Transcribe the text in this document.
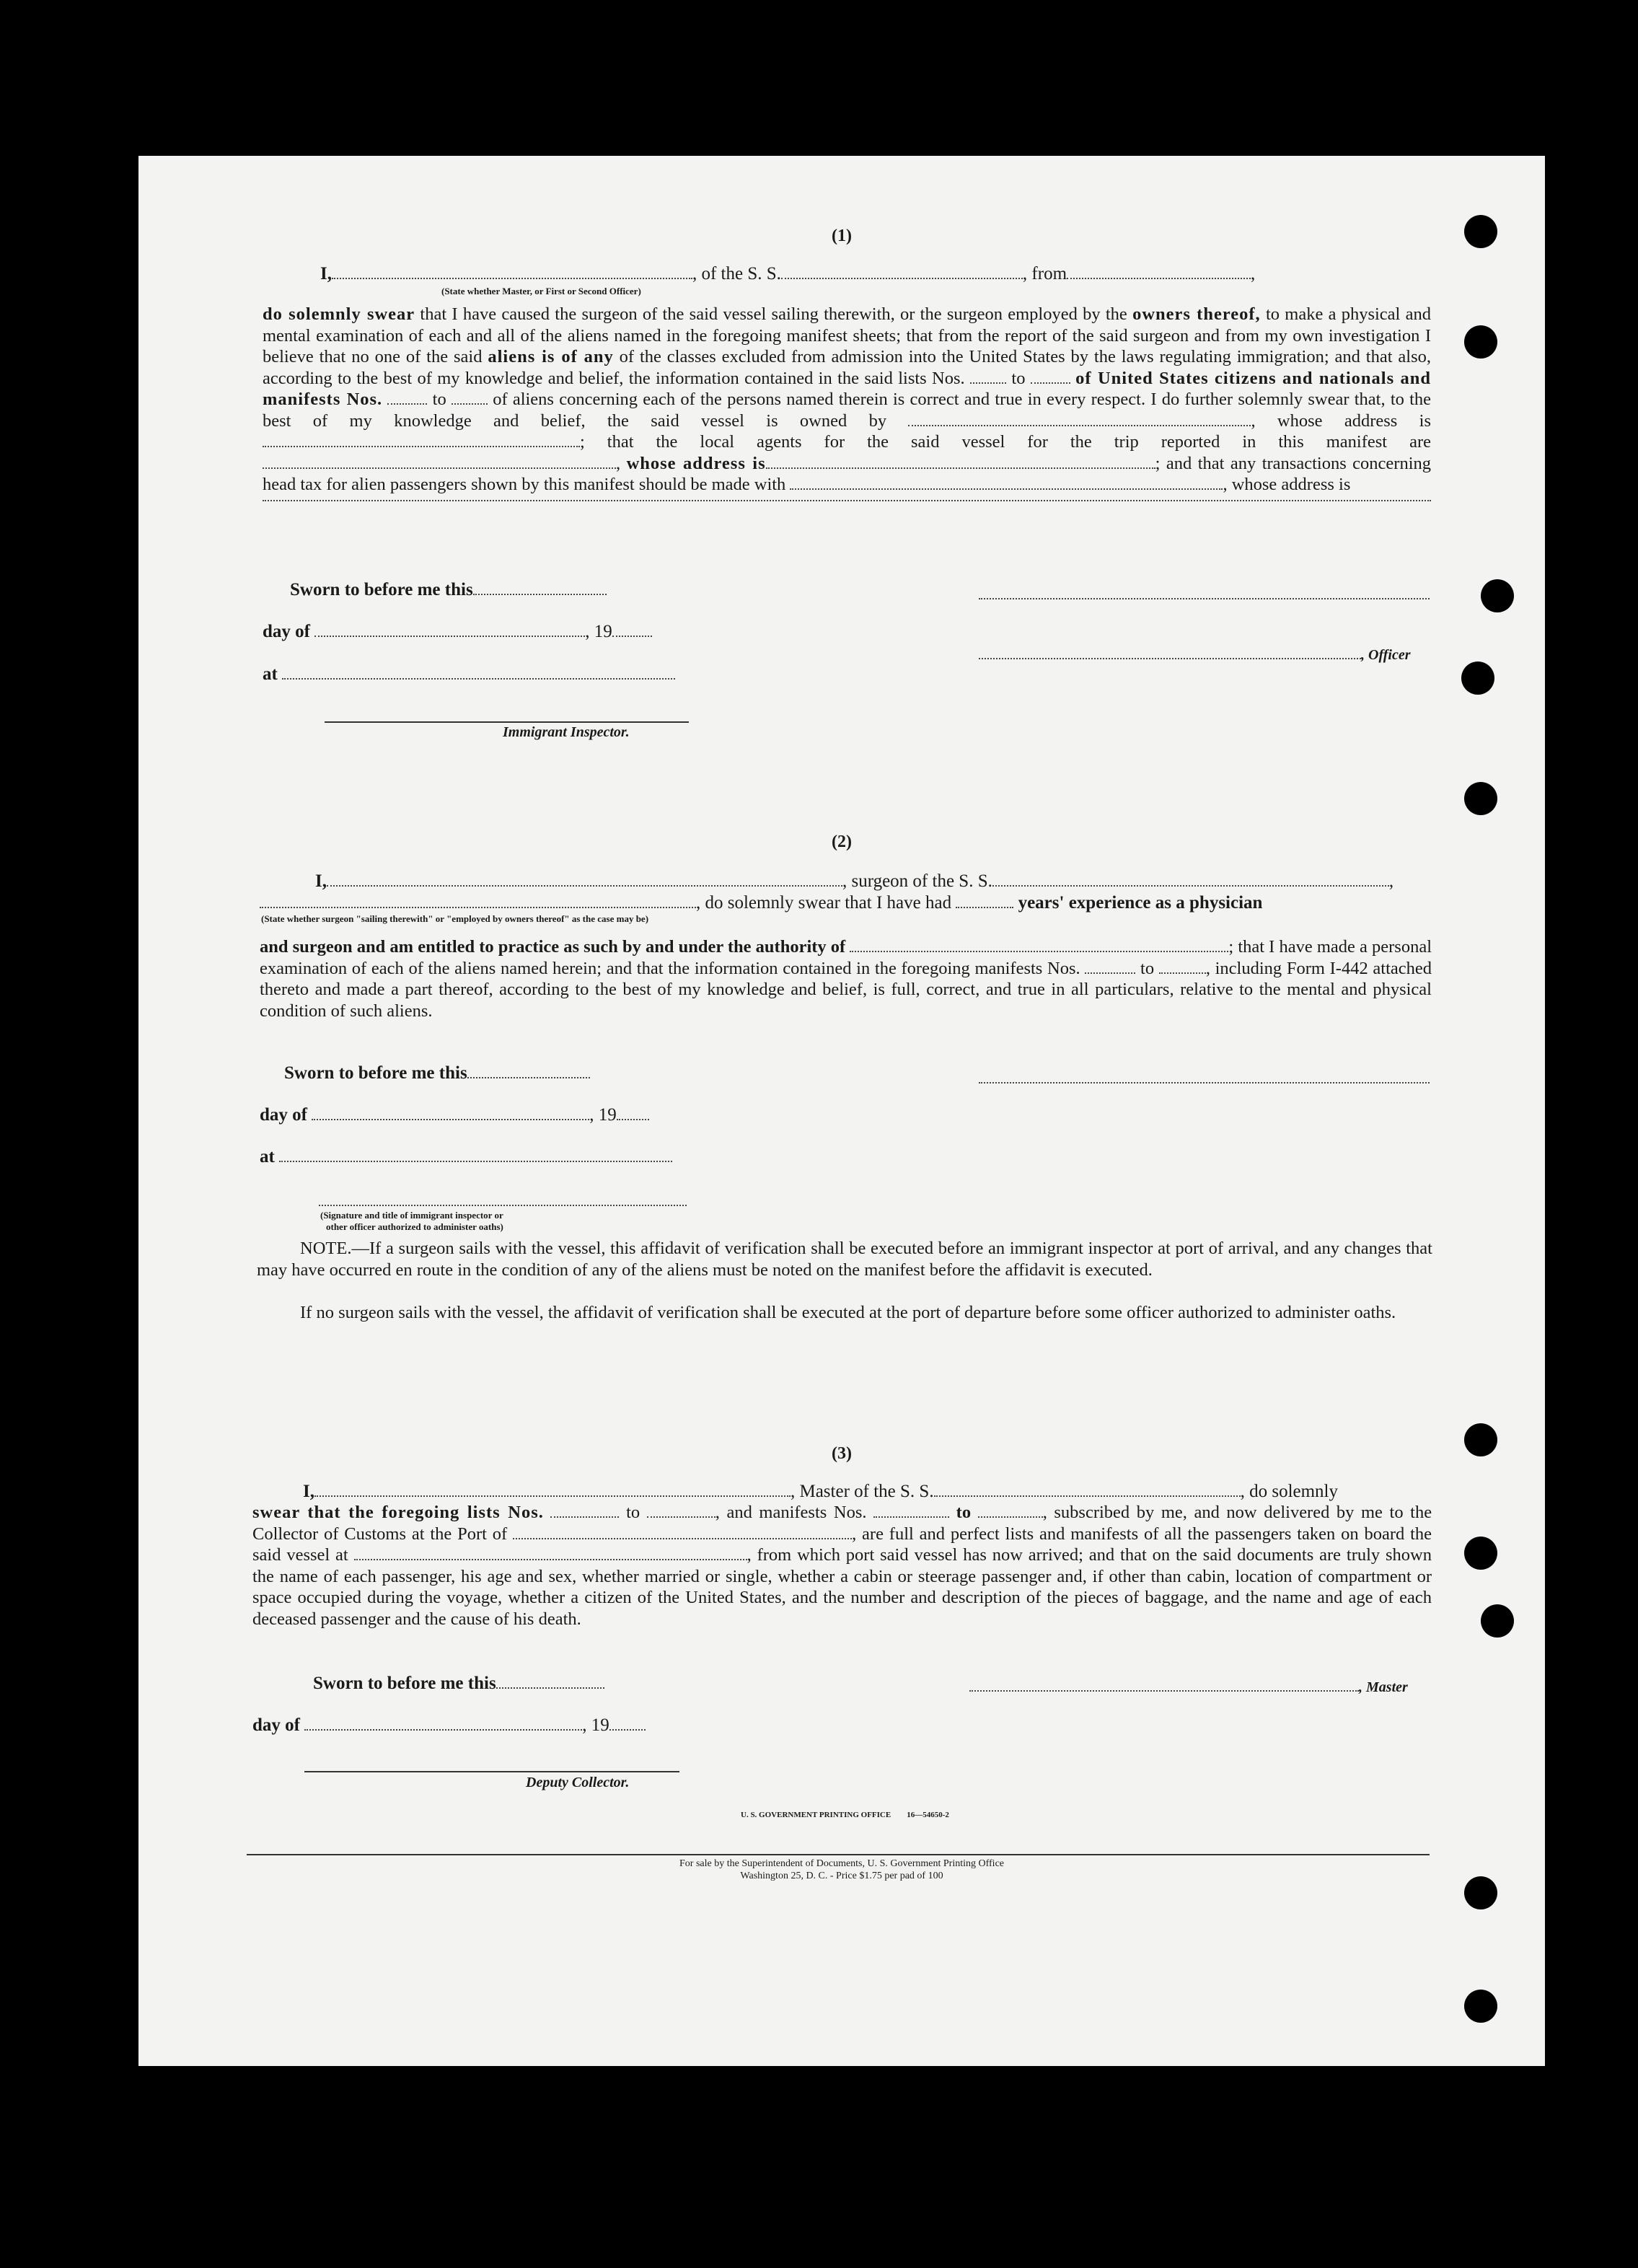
(1)
I,	, of the S. S.	, from	,
(State whether Master, or First or Second Officer)
do solemnly swear that I have caused the surgeon of the said vessel sailing therewith, or the surgeon employed by the owners thereof, to make a physical and mental examination of each and all of the aliens named in the foregoing manifest sheets; that from the report of the said surgeon and from my own investigation I believe that no one of the said aliens is of any of the classes excluded from admission into the United States by the laws regulating immigration; and that also, according to the best of my knowledge and belief, the information contained in the said lists Nos.	to	of United States citizens and nationals and manifests Nos.	to	of aliens concerning each of the persons named therein is correct and true in every respect. I do further solemnly swear that, to the best of my knowledge and belief, the said vessel is owned by	, whose address is; that the local agents for the said vessel for the trip reported in this manifest are, whose address is	; and that any transactions concerning head tax for alien passengers shown by this manifest should be made with	, whose address is
Sworn to before me this
day of	, 19
at
Immigrant Inspector.
, Officer
(2)
I,	, surgeon of the S. S.	,
, do solemnly swear that I have had	years' experience as a physician
(State whether surgeon "sailing therewith" or "employed by owners thereof" as the case may be)
and surgeon and am entitled to practice as such by and under the authority of	; that I have made a personal examination of each of the aliens named herein; and that the information contained in the foregoing manifests Nos.	to	, including Form I-442 attached thereto and made a part thereof, according to the best of my knowledge and belief, is full, correct, and true in all particulars, relative to the mental and physical condition of such aliens.
Sworn to before me this
day of	, 19
at
(Signature and title of immigrant inspector or
other officer authorized to administer oaths)
NOTE.—If a surgeon sails with the vessel, this affidavit of verification shall be executed before an immigrant inspector at port of arrival, and any changes that may have occurred en route in the condition of any of the aliens must be noted on the manifest before the affidavit is executed.
If no surgeon sails with the vessel, the affidavit of verification shall be executed at the port of departure before some officer authorized to administer oaths.
(3)
I,	, Master of the S. S.	, do solemnly
swear that the foregoing lists Nos.	to	, and manifests Nos.	to	, subscribed by me, and now delivered by me to the Collector of Customs at the Port of	, are full and perfect lists and manifests of all the passengers taken on board the said vessel at	, from which port said vessel has now arrived; and that on the said documents are truly shown the name of each passenger, his age and sex, whether married or single, whether a cabin or steerage passenger and, if other than cabin, location of compartment or space occupied during the voyage, whether a citizen of the United States, and the number and description of the pieces of baggage, and the name and age of each deceased passenger and the cause of his death.
Sworn to before me this
day of	, 19
Deputy Collector.
, Master
U. S. GOVERNMENT PRINTING OFFICE 16—54650-2
For sale by the Superintendent of Documents, U. S. Government Printing Office
Washington 25, D. C. - Price $1.75 per pad of 100
